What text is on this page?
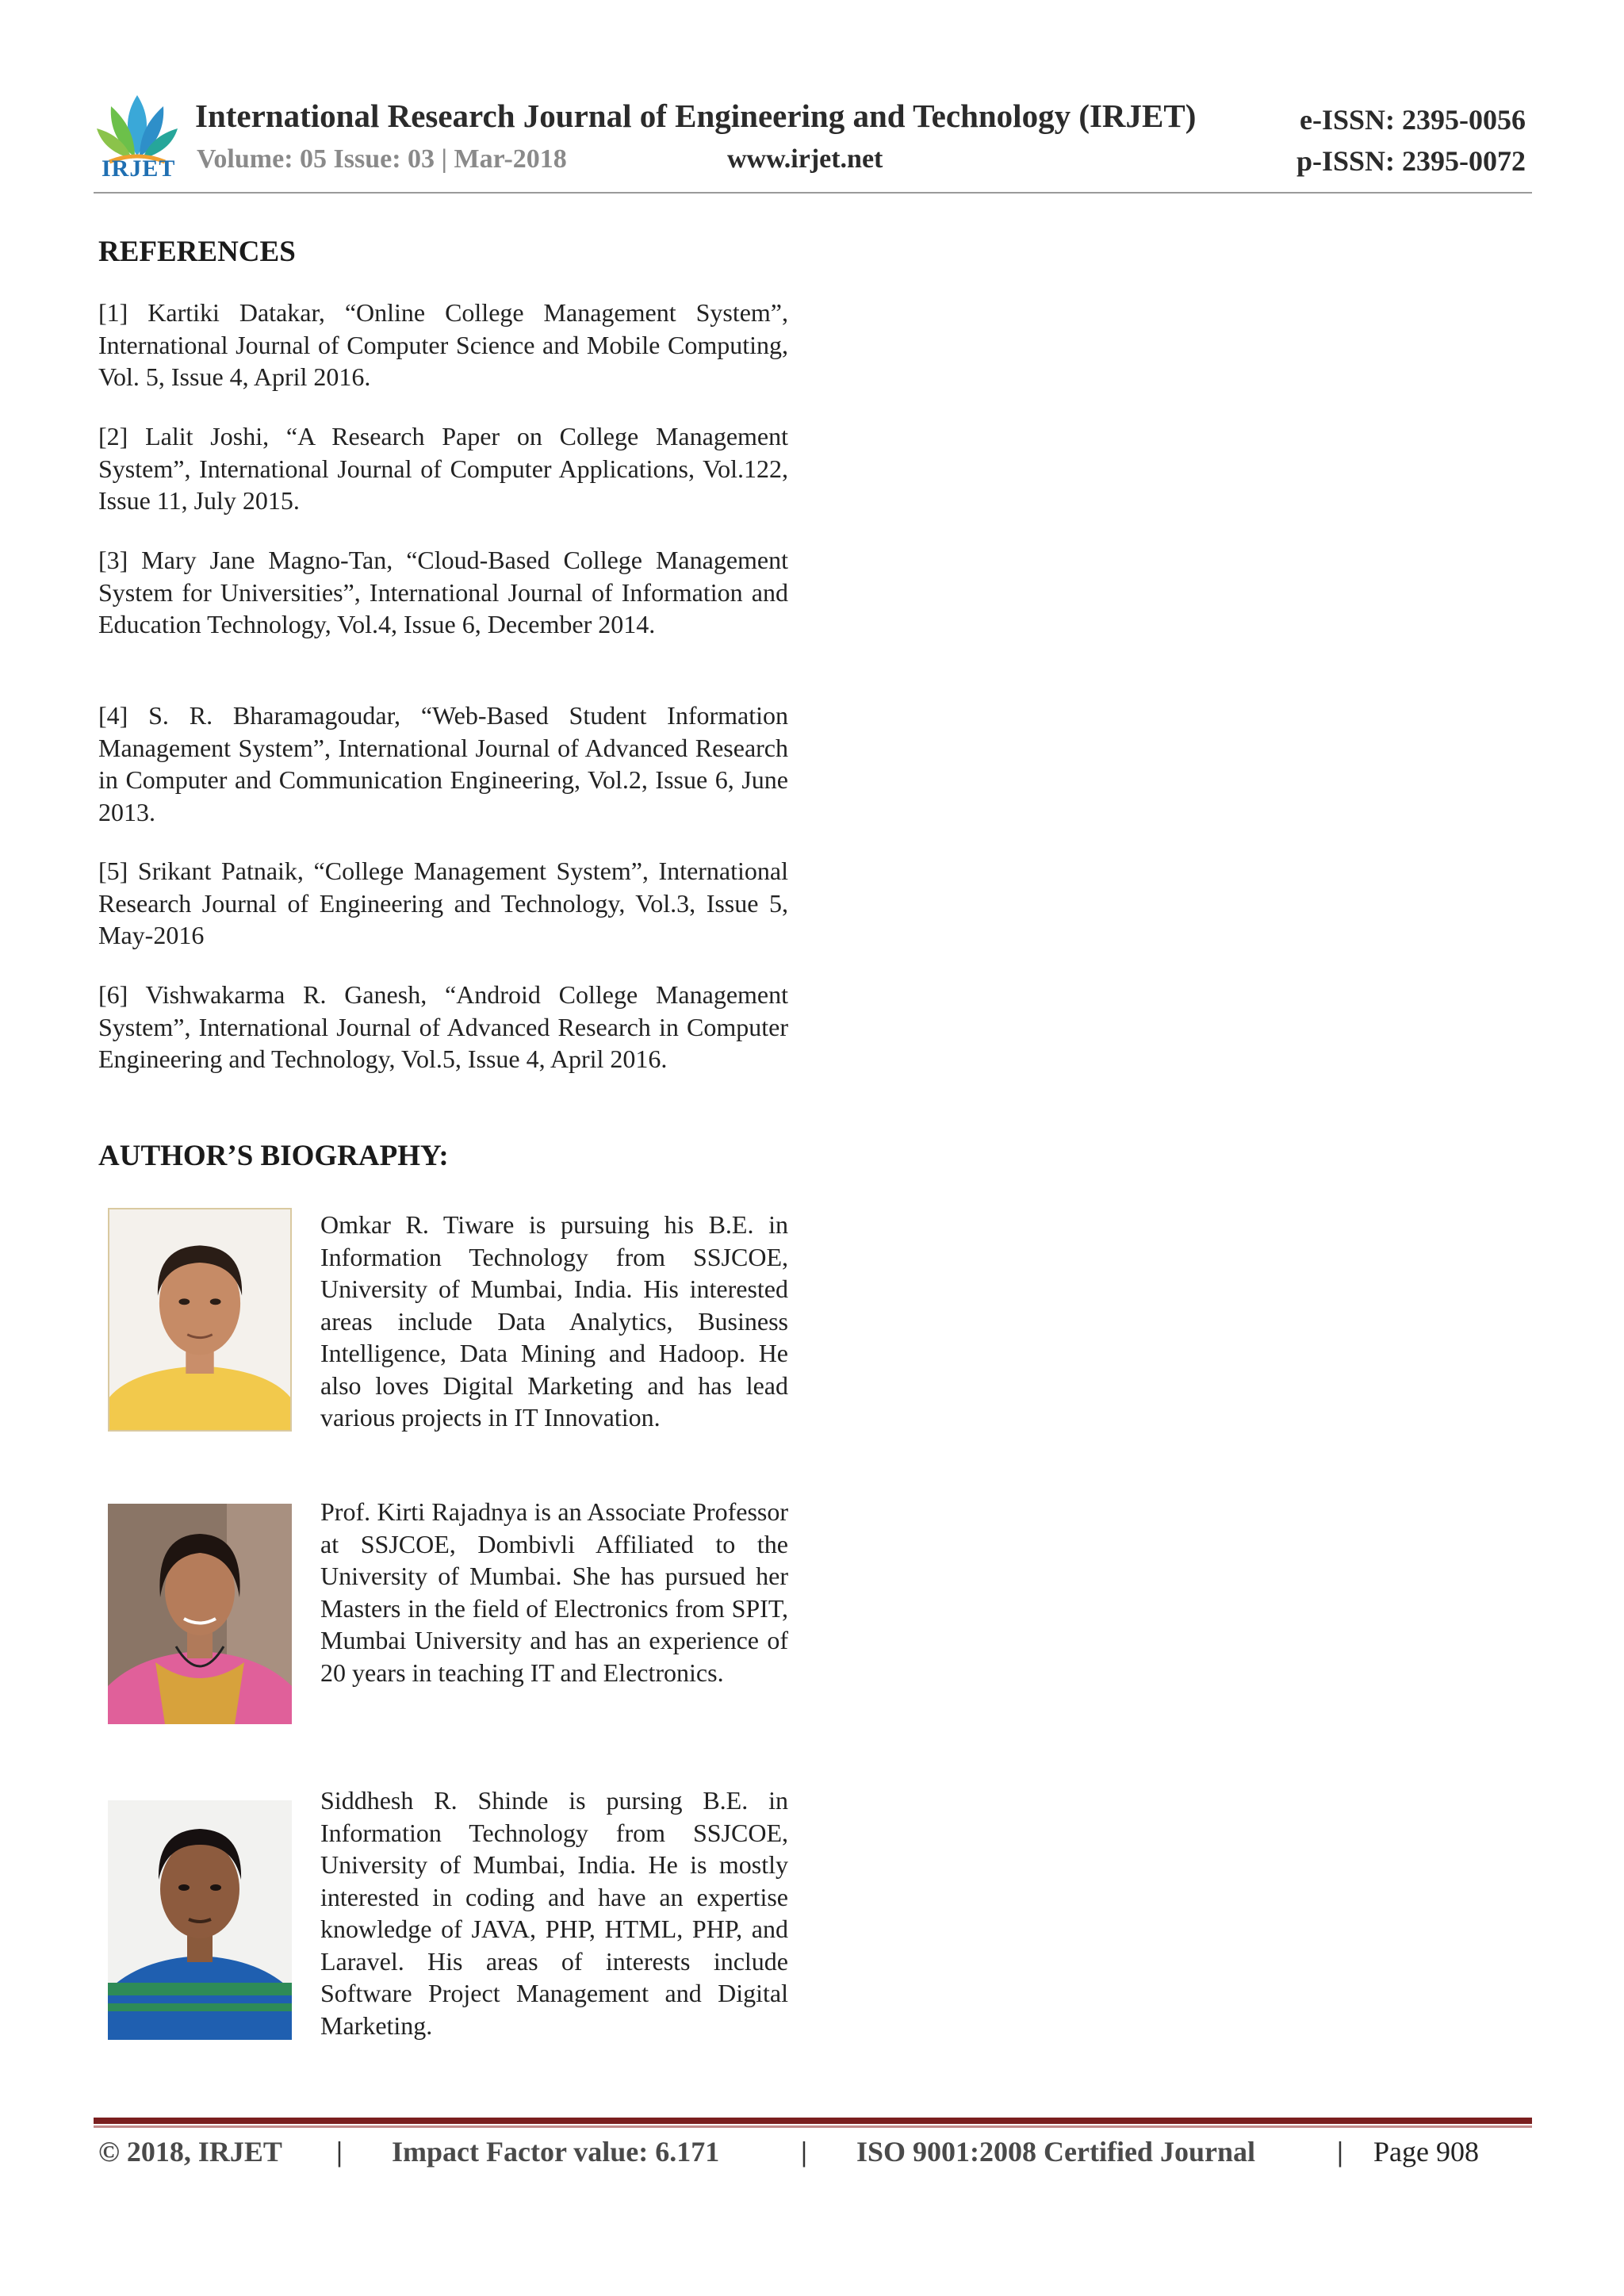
IRJET
International Research Journal of Engineering and Technology (IRJET)
Volume: 05 Issue: 03 | Mar-2018	www.irjet.net
e-ISSN: 2395-0056
p-ISSN: 2395-0072
REFERENCES

[1] Kartiki Datakar, “Online College Management System”, International Journal of Computer Science and Mobile Computing, Vol. 5, Issue 4, April 2016.

[2] Lalit Joshi, “A Research Paper on College Management System”, International Journal of Computer Applications, Vol.122, Issue 11, July 2015.

[3] Mary Jane Magno-Tan, “Cloud-Based College Management System for Universities”, International Journal of Information and Education Technology, Vol.4, Issue 6, December 2014.

[4] S. R. Bharamagoudar, “Web-Based Student Information Management System”, International Journal of Advanced Research in Computer and Communication Engineering, Vol.2, Issue 6, June 2013.

[5] Srikant Patnaik, “College Management System”, International Research Journal of Engineering and Technology, Vol.3, Issue 5, May-2016

[6] Vishwakarma R. Ganesh, “Android College Management System”, International Journal of Advanced Research in Computer Engineering and Technology, Vol.5, Issue 4, April 2016.

AUTHOR’S BIOGRAPHY:

Omkar R. Tiware is pursuing his B.E. in Information Technology from SSJCOE, University of Mumbai, India. His interested areas include Data Analytics, Business Intelligence, Data Mining and Hadoop. He also loves Digital Marketing and has lead various projects in IT Innovation.

Prof. Kirti Rajadnya is an Associate Professor at SSJCOE, Dombivli Affiliated to the University of Mumbai. She has pursued her Masters in the field of Electronics from SPIT, Mumbai University and has an experience of 20 years in teaching IT and Electronics.

Siddhesh R. Shinde is pursing B.E. in Information Technology from SSJCOE, University of Mumbai, India. He is mostly interested in coding and have an expertise knowledge of JAVA, PHP, HTML, PHP, and Laravel. His areas of interests include Software Project Management and Digital Marketing.

© 2018, IRJET | Impact Factor value: 6.171	| ISO 9001:2008 Certified Journal	| Page 908
